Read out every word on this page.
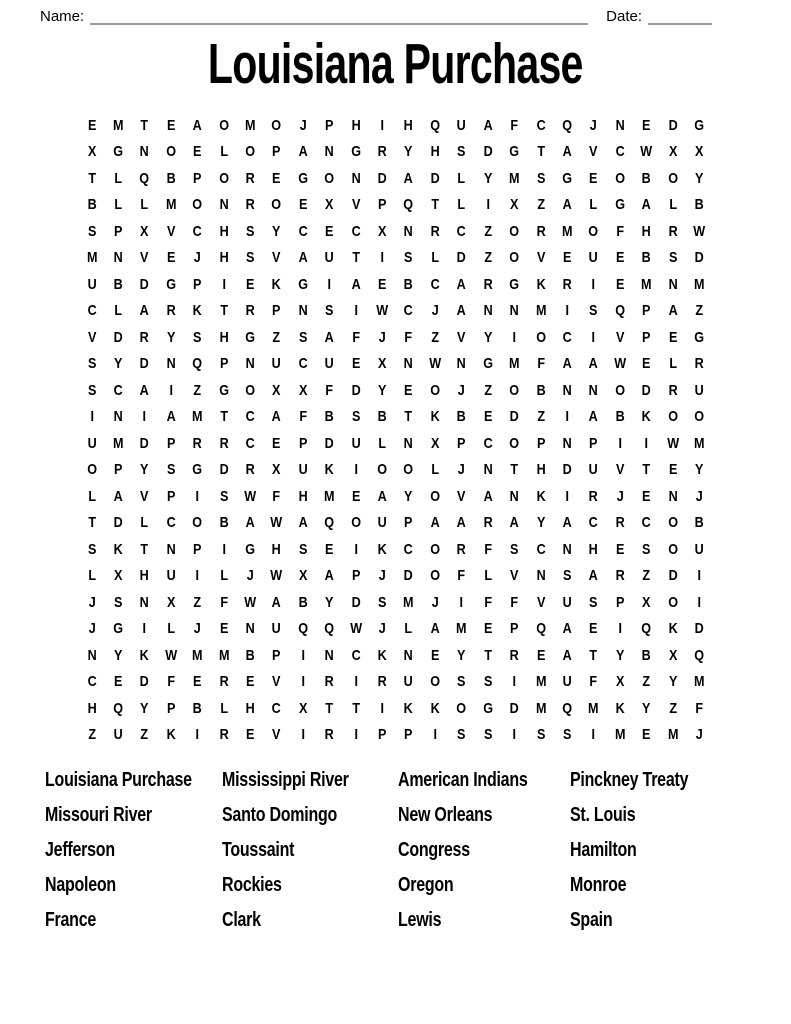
Name:	Date:
Louisiana Purchase
E	M	T	E	A	O	M	O	J	P	H	I	H	Q	U	A	F	C	Q	J	N	E	D	G
X	G	N	O	E	L	O	P	A	N	G	R	Y	H	S	D	G	T	A	V	C	W	X	X
T	L	Q	B	P	O	R	E	G	O	N	D	A	D	L	Y	M	S	G	E	O	B	O	Y
B	L	L	M	O	N	R	O	E	X	V	P	Q	T	L	I	X	Z	A	L	G	A	L	B
S	P	X	V	C	H	S	Y	C	E	C	X	N	R	C	Z	O	R	M	O	F	H	R	W
M	N	V	E	J	H	S	V	A	U	T	I	S	L	D	Z	O	V	E	U	E	B	S	D
U	B	D	G	P	I	E	K	G	I	A	E	B	C	A	R	G	K	R	I	E	M	N	M
C	L	A	R	K	T	R	P	N	S	I	W	C	J	A	N	N	M	I	S	Q	P	A	Z
V	D	R	Y	S	H	G	Z	S	A	F	J	F	Z	V	Y	I	O	C	I	V	P	E	G
S	Y	D	N	Q	P	N	U	C	U	E	X	N	W	N	G	M	F	A	A	W	E	L	R
S	C	A	I	Z	G	O	X	X	F	D	Y	E	O	J	Z	O	B	N	N	O	D	R	U
I	N	I	A	M	T	C	A	F	B	S	B	T	K	B	E	D	Z	I	A	B	K	O	O
U	M	D	P	R	R	C	E	P	D	U	L	N	X	P	C	O	P	N	P	I	I	W	M
O	P	Y	S	G	D	R	X	U	K	I	O	O	L	J	N	T	H	D	U	V	T	E	Y
L	A	V	P	I	S	W	F	H	M	E	A	Y	O	V	A	N	K	I	R	J	E	N	J
T	D	L	C	O	B	A	W	A	Q	O	U	P	A	A	R	A	Y	A	C	R	C	O	B
S	K	T	N	P	I	G	H	S	E	I	K	C	O	R	F	S	C	N	H	E	S	O	U
L	X	H	U	I	L	J	W	X	A	P	J	D	O	F	L	V	N	S	A	R	Z	D	I
J	S	N	X	Z	F	W	A	B	Y	D	S	M	J	I	F	F	V	U	S	P	X	O	I
J	G	I	L	J	E	N	U	Q	Q	W	J	L	A	M	E	P	Q	A	E	I	Q	K	D
N	Y	K	W	M	M	B	P	I	N	C	K	N	E	Y	T	R	E	A	T	Y	B	X	Q
C	E	D	F	E	R	E	V	I	R	I	R	U	O	S	S	I	M	U	F	X	Z	Y	M
H	Q	Y	P	B	L	H	C	X	T	T	I	K	K	O	G	D	M	Q	M	K	Y	Z	F
Z	U	Z	K	I	R	E	V	I	R	I	P	P	I	S	S	I	S	S	I	M	E	M	J
Louisiana Purchase
Missouri River
Jefferson
Napoleon
France
Mississippi River
Santo Domingo
Toussaint
Rockies
Clark
American Indians
New Orleans
Congress
Oregon
Lewis
Pinckney Treaty
St. Louis
Hamilton
Monroe
Spain
